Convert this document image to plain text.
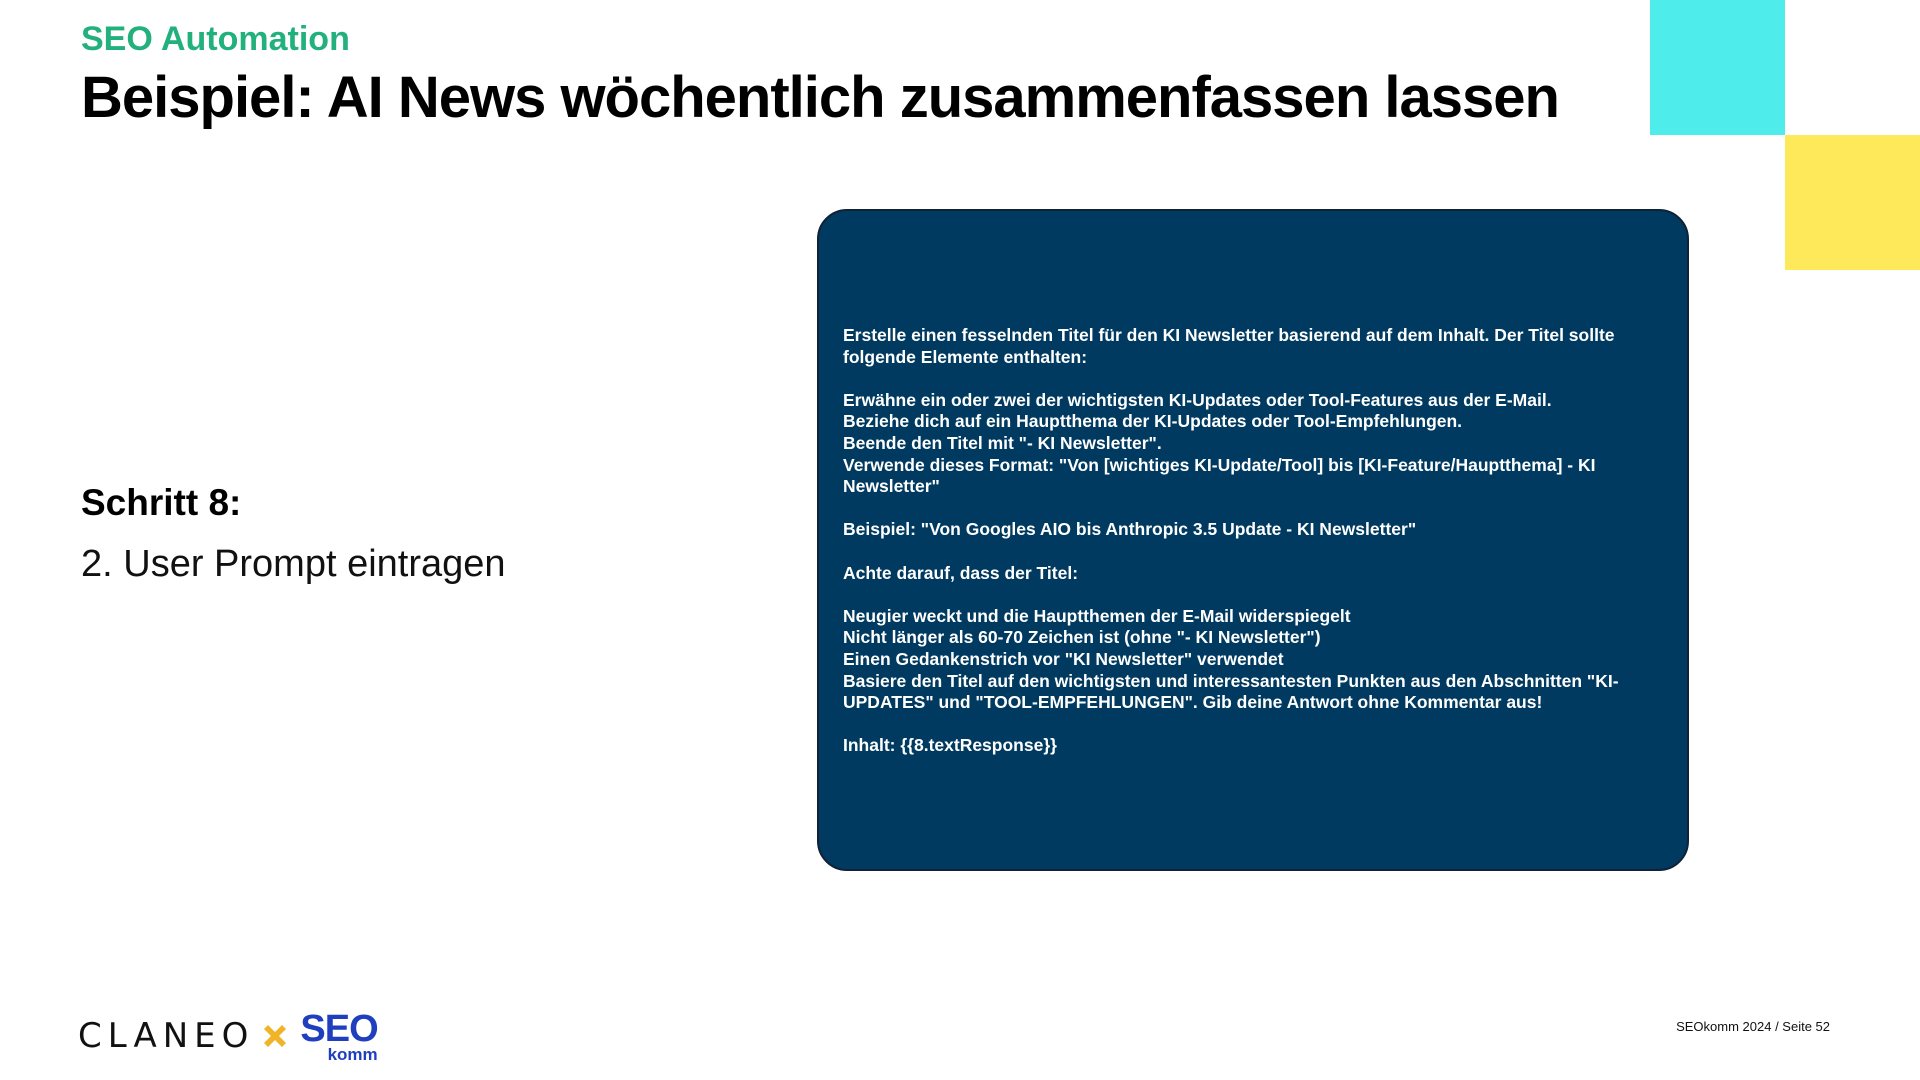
SEO Automation
Beispiel: AI News wöchentlich zusammenfassen lassen
Schritt 8:
2. User Prompt eintragen
Erstelle einen fesselnden Titel für den KI Newsletter basierend auf dem Inhalt. Der Titel sollte folgende Elemente enthalten:

Erwähne ein oder zwei der wichtigsten KI-Updates oder Tool-Features aus der E-Mail.
Beziehe dich auf ein Hauptthema der KI-Updates oder Tool-Empfehlungen.
Beende den Titel mit "- KI Newsletter".
Verwende dieses Format: "Von [wichtiges KI-Update/Tool] bis [KI-Feature/Hauptthema] - KI Newsletter"

Beispiel: "Von Googles AIO bis Anthropic 3.5 Update - KI Newsletter"

Achte darauf, dass der Titel:

Neugier weckt und die Hauptthemen der E-Mail widerspiegelt
Nicht länger als 60-70 Zeichen ist (ohne "- KI Newsletter")
Einen Gedankenstrich vor "KI Newsletter" verwendet
Basiere den Titel auf den wichtigsten und interessantesten Punkten aus den Abschnitten "KI-UPDATES" und "TOOL-EMPFEHLUNGEN". Gib deine Antwort ohne Kommentar aus!

Inhalt: {{8.textResponse}}
CLANEO SEO
komm
SEOkomm 2024 / Seite 52
